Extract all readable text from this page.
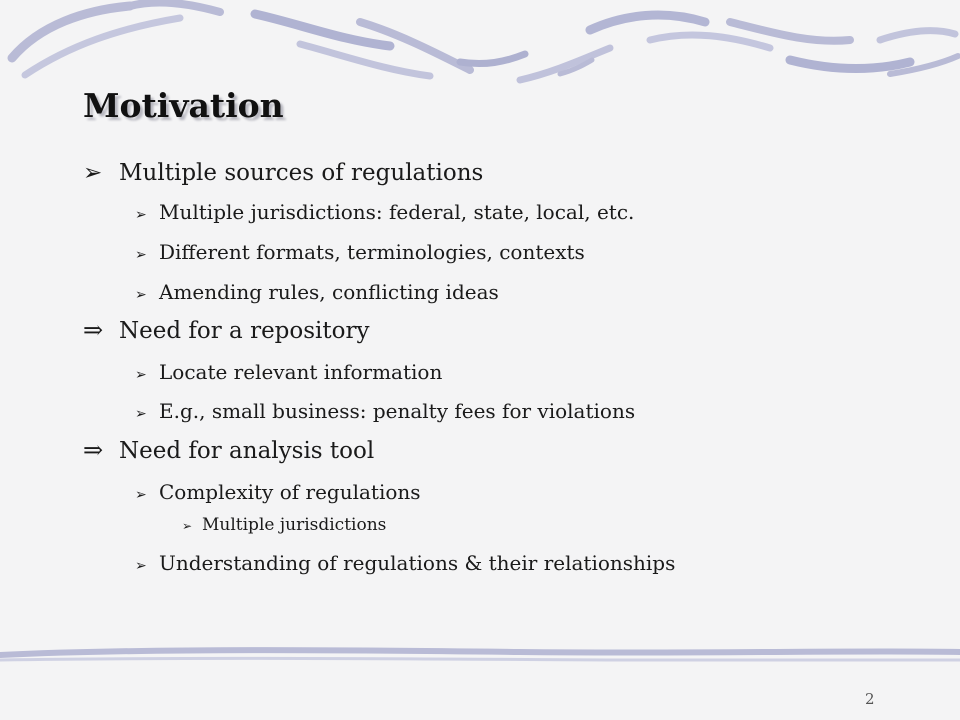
Motivation
➢ Multiple sources of regulations
➢ Multiple jurisdictions: federal, state, local, etc.
➢ Different formats, terminologies, contexts
➢ Amending rules, conflicting ideas
⇒ Need for a repository
➢ Locate relevant information
➢ E.g., small business: penalty fees for violations
⇒ Need for analysis tool
➢ Complexity of regulations
➢ Multiple jurisdictions
➢ Understanding of regulations & their relationships
2
